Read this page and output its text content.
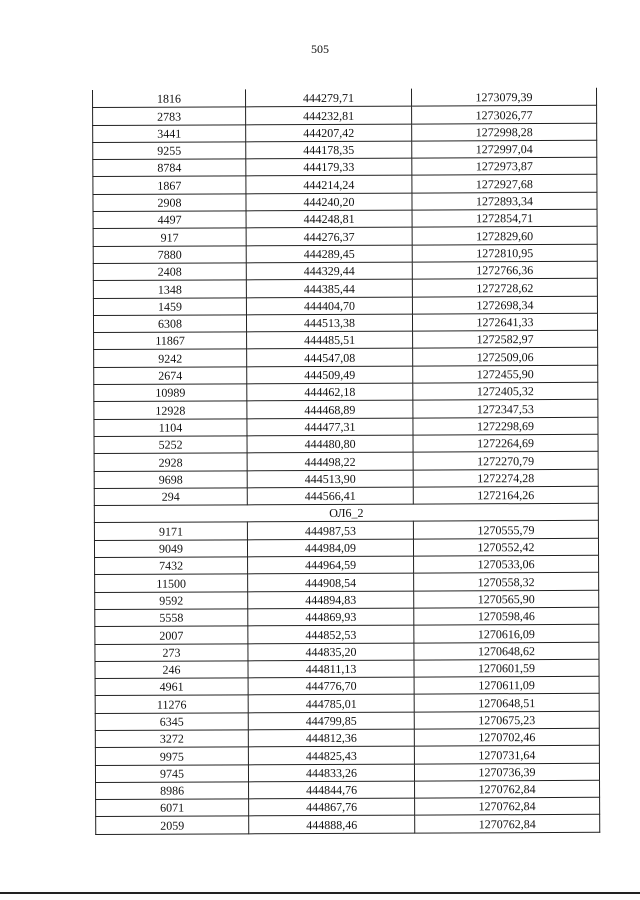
505
1816	444279,71	1273079,39
2783	444232,81	1273026,77
3441	444207,42	1272998,28
9255	444178,35	1272997,04
8784	444179,33	1272973,87
1867	444214,24	1272927,68
2908	444240,20	1272893,34
4497	444248,81	1272854,71
917	444276,37	1272829,60
7880	444289,45	1272810,95
2408	444329,44	1272766,36
1348	444385,44	1272728,62
1459	444404,70	1272698,34
6308	444513,38	1272641,33
11867	444485,51	1272582,97
9242	444547,08	1272509,06
2674	444509,49	1272455,90
10989	444462,18	1272405,32
12928	444468,89	1272347,53
1104	444477,31	1272298,69
5252	444480,80	1272264,69
2928	444498,22	1272270,79
9698	444513,90	1272274,28
294	444566,41	1272164,26
ОЛ6_2		
9171	444987,53	1270555,79
9049	444984,09	1270552,42
7432	444964,59	1270533,06
11500	444908,54	1270558,32
9592	444894,83	1270565,90
5558	444869,93	1270598,46
2007	444852,53	1270616,09
273	444835,20	1270648,62
246	444811,13	1270601,59
4961	444776,70	1270611,09
11276	444785,01	1270648,51
6345	444799,85	1270675,23
3272	444812,36	1270702,46
9975	444825,43	1270731,64
9745	444833,26	1270736,39
8986	444844,76	1270762,84
6071	444867,76	1270762,84
2059	444888,46	1270762,84
